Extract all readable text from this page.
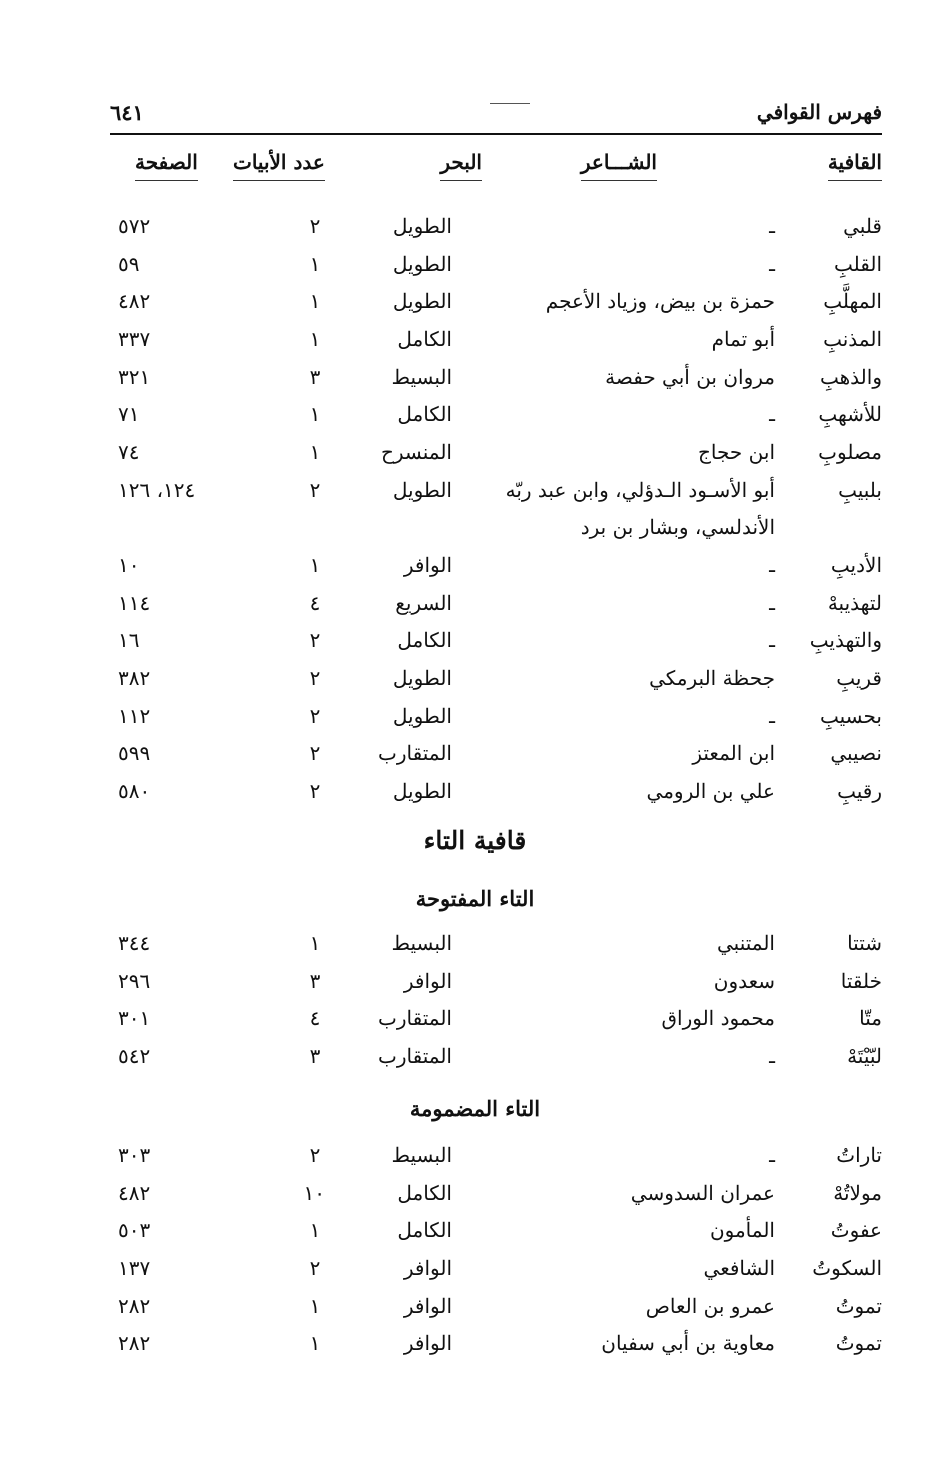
فهرس القوافي
٦٤١
القافية
الشـــاعر
البحر
عدد الأبيات
الصفحة
قلبي
ـ
الطويل
٢
٥٧٢
القلبِ
ـ
الطويل
١
٥٩
المهلَّبِ
حمزة بن بيض، وزياد الأعجم
الطويل
١
٤٨٢
المذنبِ
أبو تمام
الكامل
١
٣٣٧
والذهبِ
مروان بن أبي حفصة
البسيط
٣
٣٢١
للأشهبِ
ـ
الكامل
١
٧١
مصلوبِ
ابن حجاج
المنسرح
١
٧٤
بلبيبِ
أبو الأسـود الـدؤلي، وابن عبد ربّه الأندلسي، وبشار بن برد
الطويل
٢
١٢٤، ١٢٦
الأديبِ
ـ
الوافر
١
١٠
لتهذيبهْ
ـ
السريع
٤
١١٤
والتهذيبِ
ـ
الكامل
٢
١٦
قريبِ
جحظة البرمكي
الطويل
٢
٣٨٢
بحسيبِ
ـ
الطويل
٢
١١٢
نصيبي
ابن المعتز
المتقارب
٢
٥٩٩
رقيبِ
علي بن الرومي
الطويل
٢
٥٨٠
قافية التاء
التاء المفتوحة
شتتا
المتنبي
البسيط
١
٣٤٤
خلقتا
سعدون
الوافر
٣
٢٩٦
متّا
محمود الوراق
المتقارب
٤
٣٠١
لبّيْتَهْ
ـ
المتقارب
٣
٥٤٢
التاء المضمومة
تاراتُ
ـ
البسيط
٢
٣٠٣
مولاتُهْ
عمران السدوسي
الكامل
١٠
٤٨٢
عفوتُ
المأمون
الكامل
١
٥٠٣
السكوتُ
الشافعي
الوافر
٢
١٣٧
تموتُ
عمرو بن العاص
الوافر
١
٢٨٢
تموتُ
معاوية بن أبي سفيان
الوافر
١
٢٨٢
